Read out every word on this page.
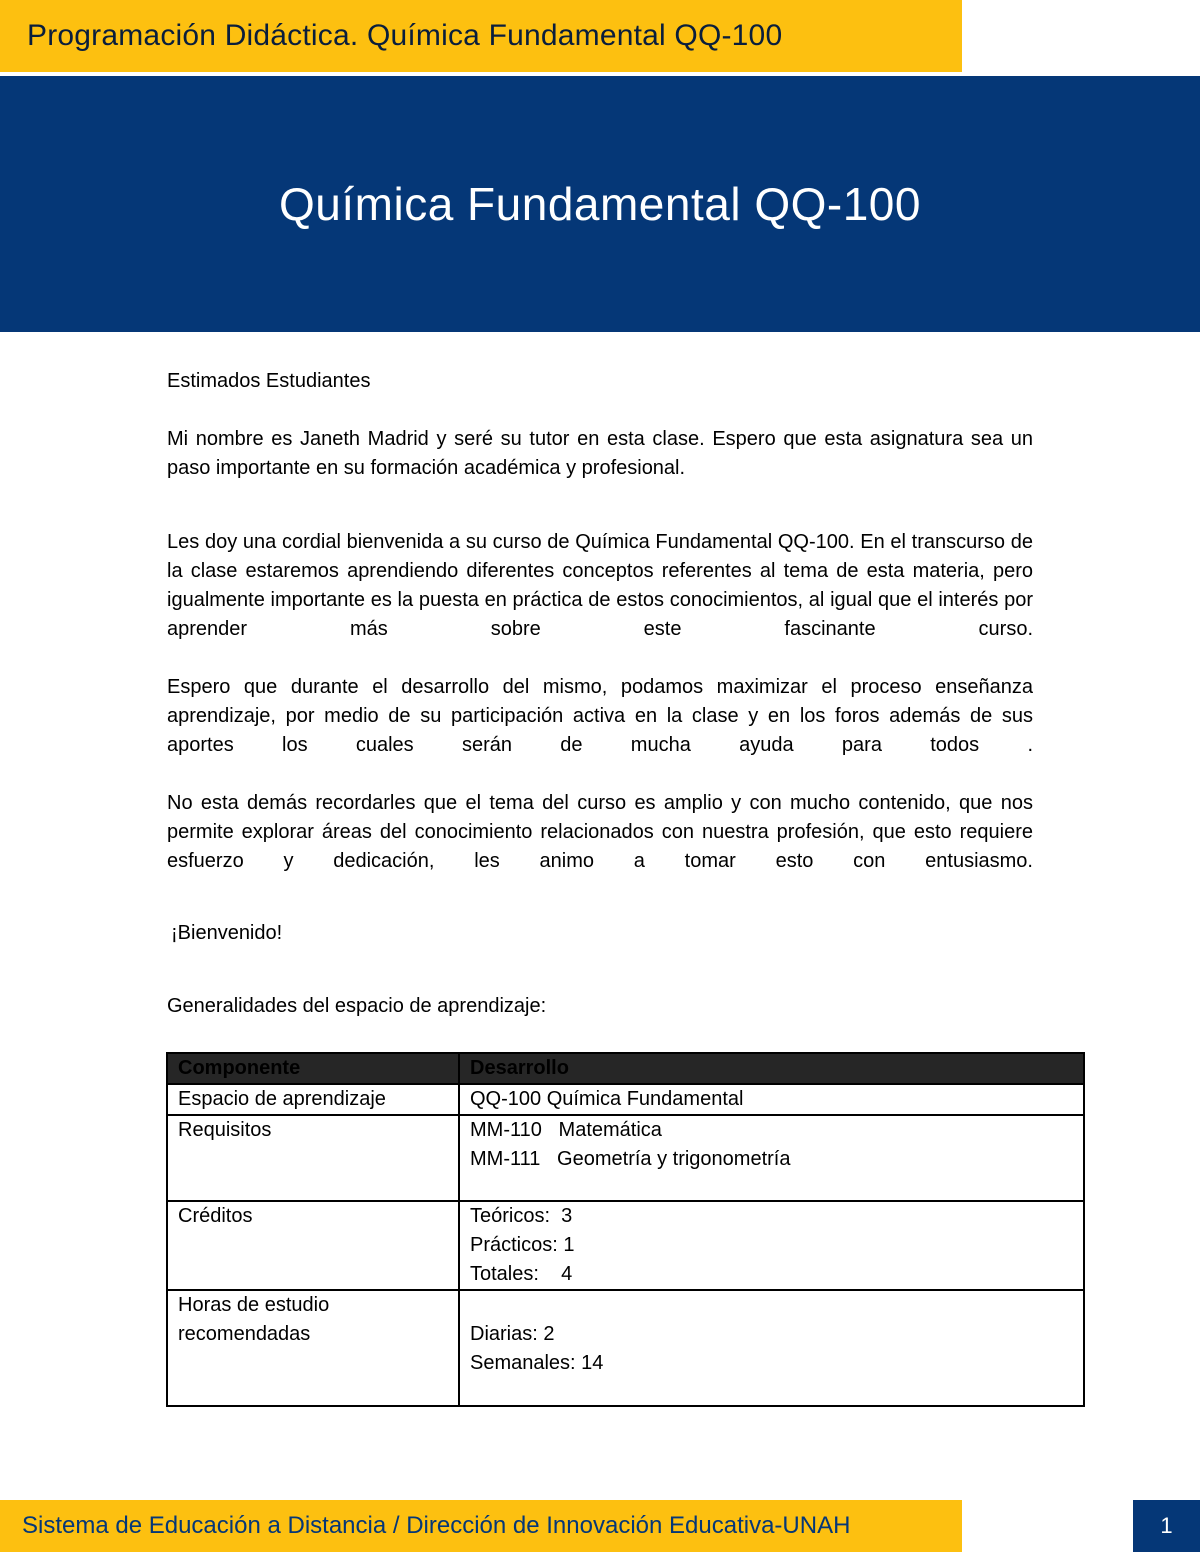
Programación Didáctica. Química Fundamental QQ-100
Química Fundamental QQ-100

Estimados Estudiantes

Mi nombre es Janeth Madrid y seré su tutor en esta clase. Espero que esta asignatura sea un paso importante en su formación académica y profesional.

Les doy una cordial bienvenida a su curso de Química Fundamental QQ-100. En el transcurso de la clase estaremos aprendiendo diferentes conceptos referentes al tema de esta materia, pero igualmente importante es la puesta en práctica de estos conocimientos, al igual que el interés por aprender más sobre este fascinante curso.

Espero que durante el desarrollo del mismo, podamos maximizar el proceso enseñanza aprendizaje, por medio de su participación activa en la clase y en los foros además de sus aportes los cuales serán de mucha ayuda para todos .

No esta demás recordarles que el tema del curso es amplio y con mucho contenido, que nos permite explorar áreas del conocimiento relacionados con nuestra profesión, que esto requiere esfuerzo y dedicación, les animo a tomar esto con entusiasmo.

¡Bienvenido!

Generalidades del espacio de aprendizaje:

Componente	Desarrollo
Espacio de aprendizaje	QQ-100 Química Fundamental

Requisitos	MM-110   Matemática
MM-111   Geometría y trigonometría

Créditos	Teóricos:  3
Prácticos: 1
Totales:    4

Horas de estudio recomendadas	Diarias: 2
Semanales: 14
Sistema de Educación a Distancia / Dirección de Innovación Educativa-UNAH	1
